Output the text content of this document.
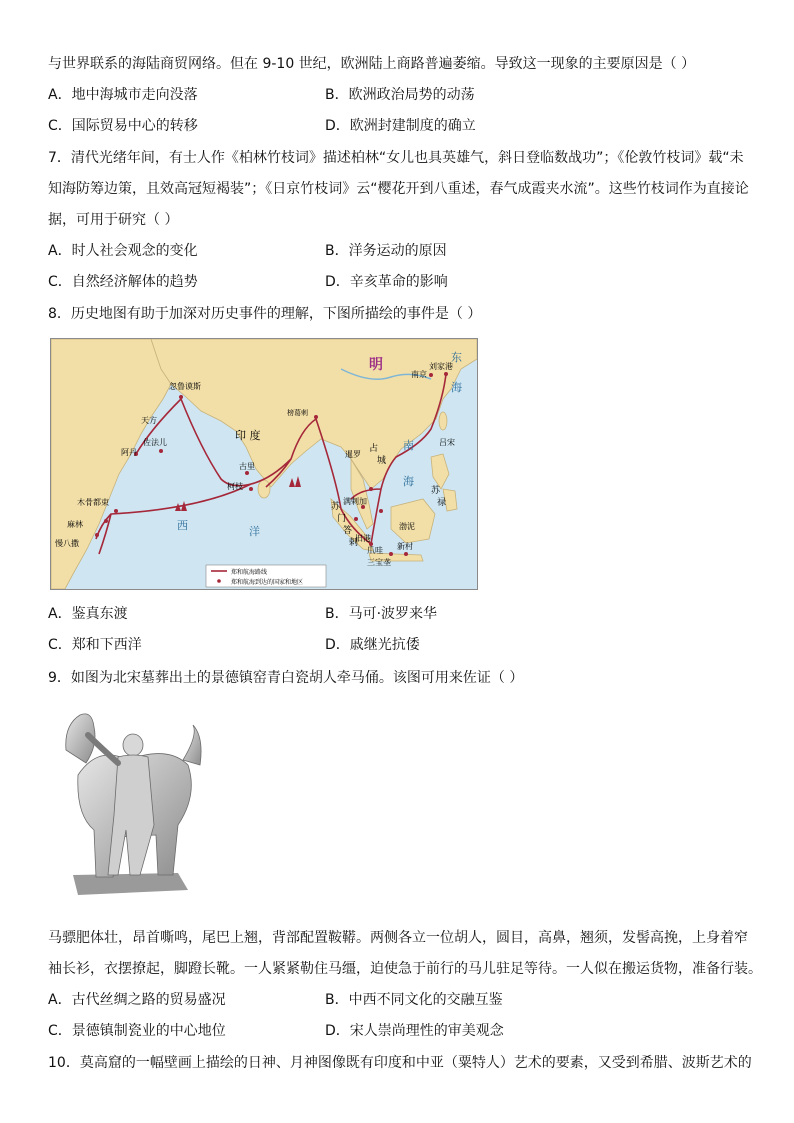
与世界联系的海陆商贸网络。但在 9-10 世纪，欧洲陆上商路普遍萎缩。导致这一现象的主要原因是（ ）
A．地中海城市走向没落	B．欧洲政治局势的动荡
C．国际贸易中心的转移	D．欧洲封建制度的确立
7．清代光绪年间，有士人作《柏林竹枝词》描述柏林“女儿也具英雄气，斜日登临数战功”；《伦敦竹枝词》载“未
知海防筹边策，且效高冠短褐装”；《日京竹枝词》云“樱花开到八重述，春气成霞夹水流”。这些竹枝词作为直接论
据，可用于研究（ ）
A．时人社会观念的变化	B．洋务运动的原因
C．自然经济解体的趋势	D．辛亥革命的影响
8．历史地图有助于加深对历史事件的理解，下图所描绘的事件是（ ）
明
南京
刘家港
东
海
忽鲁谟斯
天方
佐法儿
阿丹
木骨都束
麻林
慢八撒
榜葛剌
印 度
古里
柯枝
暹罗
占
城
吕宋
南
海
苏
禄
满剌加
苏
门
答
剌
渤泥
旧港
爪哇 新村
三宝垄
西	洋
郑和航海路线
郑和航海到达的国家和地区
A．鉴真东渡	B．马可·波罗来华
C．郑和下西洋	D．戚继光抗倭
9．如图为北宋墓葬出土的景德镇窑青白瓷胡人牵马俑。该图可用来佐证（ ）
马骠肥体壮，昂首嘶鸣，尾巴上翘，背部配置鞍鞯。两侧各立一位胡人，圆目，高鼻，翘须，发髻高挽，上身着窄
袖长衫，衣摆撩起，脚蹬长靴。一人紧紧勒住马缰，迫使急于前行的马儿驻足等待。一人似在搬运货物，准备行装。
A．古代丝绸之路的贸易盛况	B．中西不同文化的交融互鉴
C．景德镇制瓷业的中心地位	D．宋人崇尚理性的审美观念
10．莫高窟的一幅壁画上描绘的日神、月神图像既有印度和中亚（粟特人）艺术的要素，又受到希腊、波斯艺术的
